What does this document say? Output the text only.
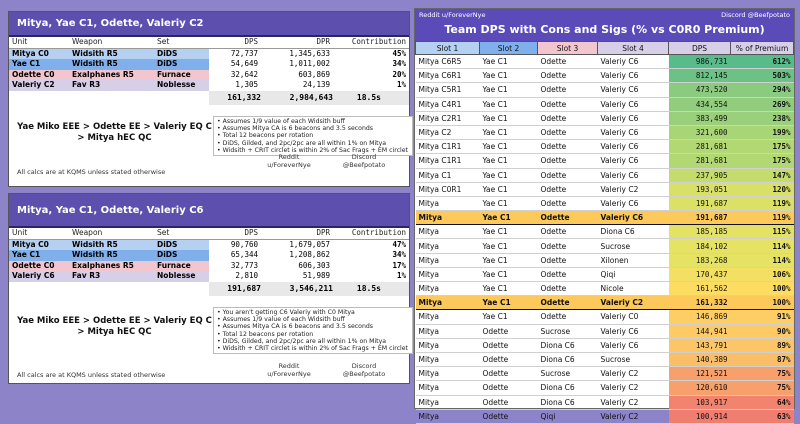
Mitya, Yae C1, Odette, Valeriy C2
Unit	Weapon	Set	DPS	DPR	Contribution
Mitya C0	Widsith R5	DiDS	72,737	1,345,633	45%
Yae C1	Widsith R5	DiDS	54,649	1,011,002	34%
Odette C0	Exalphanes R5	Furnace	32,642	603,869	20%
Valeriy C2	Fav R3	Noblesse	1,305	24,139	1%
161,332	2,984,643	18.5s
Yae Miko EEE > Odette EE > Valeriy EQ C > Mitya hEC QC
• Assumes 1/9 value of each Widsith buff
• Assumes Mitya CA is 6 beacons and 3.5 seconds
• Total 12 beacons per rotation
• DiDS, Gilded, and 2pc/2pc are all within 1% on Mitya
• Widsith + CRIT circlet is within 2% of Sac Frags + EM circlet
All calcs are at KQMS unless stated otherwise
Reddit
u/ForeverNye
Discord
@Beefpotato
Mitya, Yae C1, Odette, Valeriy C6
Unit	Weapon	Set	DPS	DPR	Contribution
Mitya C0	Widsith R5	DiDS	90,760	1,679,057	47%
Yae C1	Widsith R5	DiDS	65,344	1,208,862	34%
Odette C0	Exalphanes R5	Furnace	32,773	606,303	17%
Valeriy C6	Fav R3	Noblesse	2,810	51,989	1%
191,687	3,546,211	18.5s
Yae Miko EEE > Odette EE > Valeriy EQ C > Mitya hEC QC
• You aren't getting C6 Valeriy with C0 Mitya
• Assumes 1/9 value of each Widsith buff
• Assumes Mitya CA is 6 beacons and 3.5 seconds
• Total 12 beacons per rotation
• DiDS, Gilded, and 2pc/2pc are all within 1% on Mitya
• Widsith + CRIT circlet is within 2% of Sac Frags + EM circlet
All calcs are at KQMS unless stated otherwise
Reddit
u/ForeverNye
Discord
@Beefpotato
Reddit u/ForeverNye	Discord @Beefpotato
Team DPS with Cons and Sigs (% vs C0R0 Premium)
Slot 1	Slot 2	Slot 3	Slot 4	DPS	% of Premium
Mitya C6R5	Yae C1	Odette	Valeriy C6	986,731	612%
Mitya C6R1	Yae C1	Odette	Valeriy C6	812,145	503%
Mitya C5R1	Yae C1	Odette	Valeriy C6	473,520	294%
Mitya C4R1	Yae C1	Odette	Valeriy C6	434,554	269%
Mitya C2R1	Yae C1	Odette	Valeriy C6	383,499	238%
Mitya C2	Yae C1	Odette	Valeriy C6	321,600	199%
Mitya C1R1	Yae C1	Odette	Valeriy C6	281,681	175%
Mitya C1R1	Yae C1	Odette	Valeriy C6	281,681	175%
Mitya C1	Yae C1	Odette	Valeriy C6	237,905	147%
Mitya C0R1	Yae C1	Odette	Valeriy C2	193,051	120%
Mitya	Yae C1	Odette	Valeriy C6	191,687	119%
Mitya	Yae C1	Odette	Valeriy C6	191,687	119%
Mitya	Yae C1	Odette	Diona C6	185,185	115%
Mitya	Yae C1	Odette	Sucrose	184,102	114%
Mitya	Yae C1	Odette	Xilonen	183,268	114%
Mitya	Yae C1	Odette	Qiqi	170,437	106%
Mitya	Yae C1	Odette	Nicole	161,562	100%
Mitya	Yae C1	Odette	Valeriy C2	161,332	100%
Mitya	Yae C1	Odette	Valeriy C0	146,869	91%
Mitya	Odette	Sucrose	Valeriy C6	144,941	90%
Mitya	Odette	Diona C6	Valeriy C6	143,791	89%
Mitya	Odette	Diona C6	Sucrose	140,389	87%
Mitya	Odette	Sucrose	Valeriy C2	121,521	75%
Mitya	Odette	Diona C6	Valeriy C2	120,610	75%
Mitya	Odette	Diona C6	Valeriy C2	103,917	64%
Mitya	Odette	Qiqi	Valeriy C2	100,914	63%
